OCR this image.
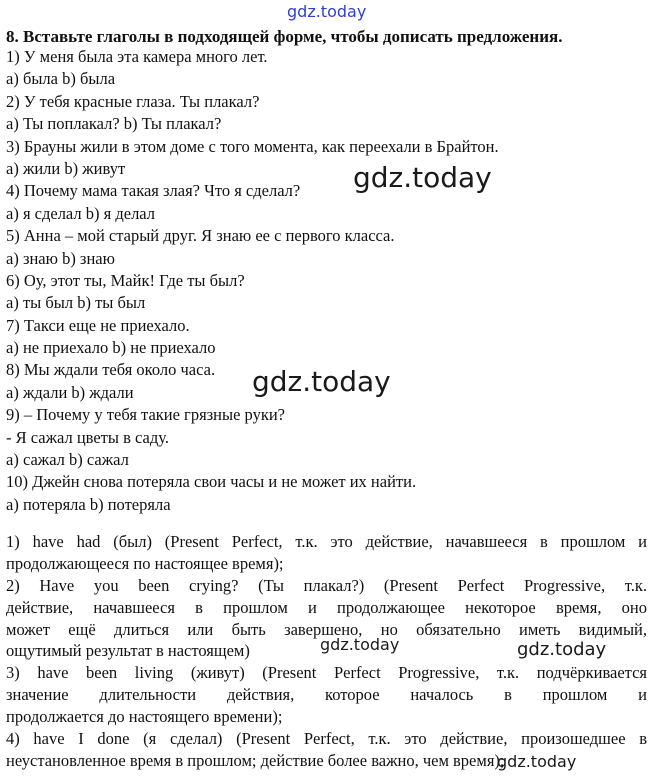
gdz.today
8. Вставьте глаголы в подходящей форме, чтобы дописать предложения.
1) У меня была эта камера много лет.
a) была b) была
2) У тебя красные глаза. Ты плакал?
a) Ты поплакал? b) Ты плакал?
3) Брауны жили в этом доме с того момента, как переехали в Брайтон.
a) жили b) живут
4) Почему мама такая злая? Что я сделал?
a) я сделал b) я делал
5) Анна – мой старый друг. Я знаю ее с первого класса.
a) знаю b) знаю
6) Оу, этот ты, Майк! Где ты был?
a) ты был b) ты был
7) Такси еще не приехало.
a) не приехало b) не приехало
8) Мы ждали тебя около часа.
a) ждали b) ждали
9) – Почему у тебя такие грязные руки?
- Я сажал цветы в саду.
a) сажал b) сажал
10) Джейн снова потеряла свои часы и не может их найти.
a) потеряла b) потеряла
1) have had (был) (Present Perfect, т.к. это действие, начавшееся в прошлом и
продолжающееся по настоящее время);
2) Have you been crying? (Ты плакал?) (Present Perfect Progressive, т.к.
действие, начавшееся в прошлом и продолжающее некоторое время, оно
может ещё длиться или быть завершено, но обязательно иметь видимый,
ощутимый результат в настоящем)
3) have been living (живут) (Present Perfect Progressive, т.к. подчёркивается
значение длительности действия, которое началось в прошлом и
продолжается до настоящего времени);
4) have I done (я сделал) (Present Perfect, т.к. это действие, произошедшее в
неустановленное время в прошлом; действие более важно, чем время);
gdz.today
gdz.today
gdz.today	gdz.today
gdz.today
